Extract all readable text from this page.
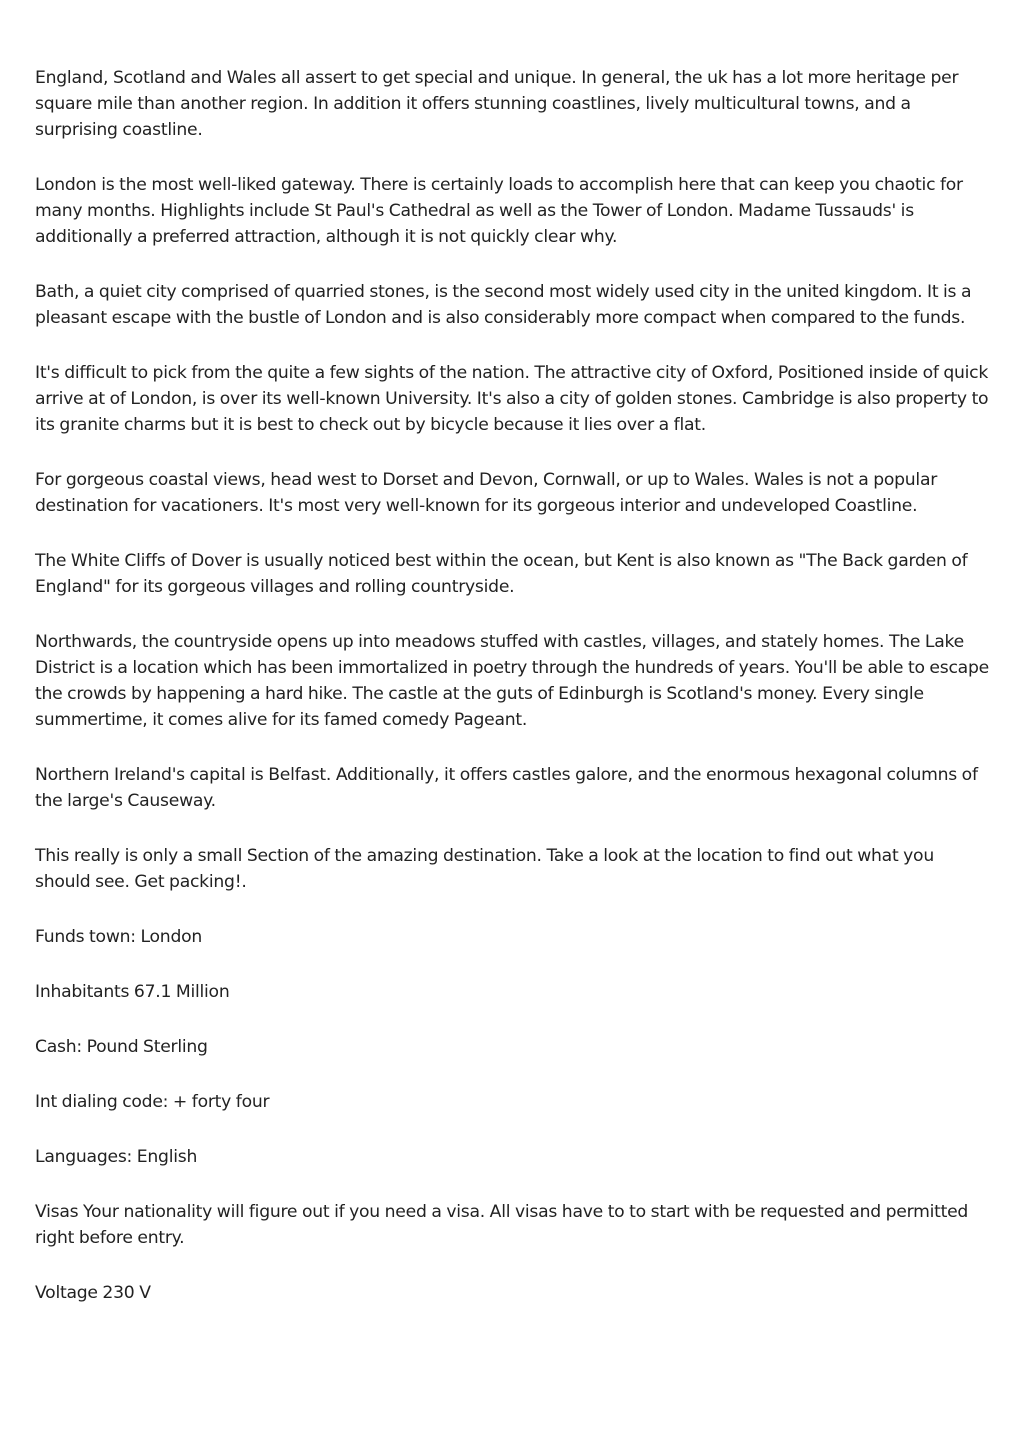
England, Scotland and Wales all assert to get special and unique. In general, the uk has a lot more heritage per square mile than another region. In addition it offers stunning coastlines, lively multicultural towns, and a surprising coastline.

London is the most well-liked gateway. There is certainly loads to accomplish here that can keep you chaotic for many months. Highlights include St Paul's Cathedral as well as the Tower of London. Madame Tussauds' is additionally a preferred attraction, although it is not quickly clear why.

Bath, a quiet city comprised of quarried stones, is the second most widely used city in the united kingdom. It is a pleasant escape with the bustle of London and is also considerably more compact when compared to the funds.

It's difficult to pick from the quite a few sights of the nation. The attractive city of Oxford, Positioned inside of quick arrive at of London, is over its well-known University. It's also a city of golden stones. Cambridge is also property to its granite charms but it is best to check out by bicycle because it lies over a flat.

For gorgeous coastal views, head west to Dorset and Devon, Cornwall, or up to Wales. Wales is not a popular destination for vacationers. It's most very well-known for its gorgeous interior and undeveloped Coastline.

The White Cliffs of Dover is usually noticed best within the ocean, but Kent is also known as "The Back garden of England" for its gorgeous villages and rolling countryside.

Northwards, the countryside opens up into meadows stuffed with castles, villages, and stately homes. The Lake District is a location which has been immortalized in poetry through the hundreds of years. You'll be able to escape the crowds by happening a hard hike. The castle at the guts of Edinburgh is Scotland's money. Every single summertime, it comes alive for its famed comedy Pageant.

Northern Ireland's capital is Belfast. Additionally, it offers castles galore, and the enormous hexagonal columns of the large's Causeway.

This really is only a small Section of the amazing destination. Take a look at the location to find out what you should see. Get packing!.

Funds town: London

Inhabitants 67.1 Million

Cash: Pound Sterling

Int dialing code: + forty four

Languages: English

Visas Your nationality will figure out if you need a visa. All visas have to to start with be requested and permitted right before entry.

Voltage 230 V
